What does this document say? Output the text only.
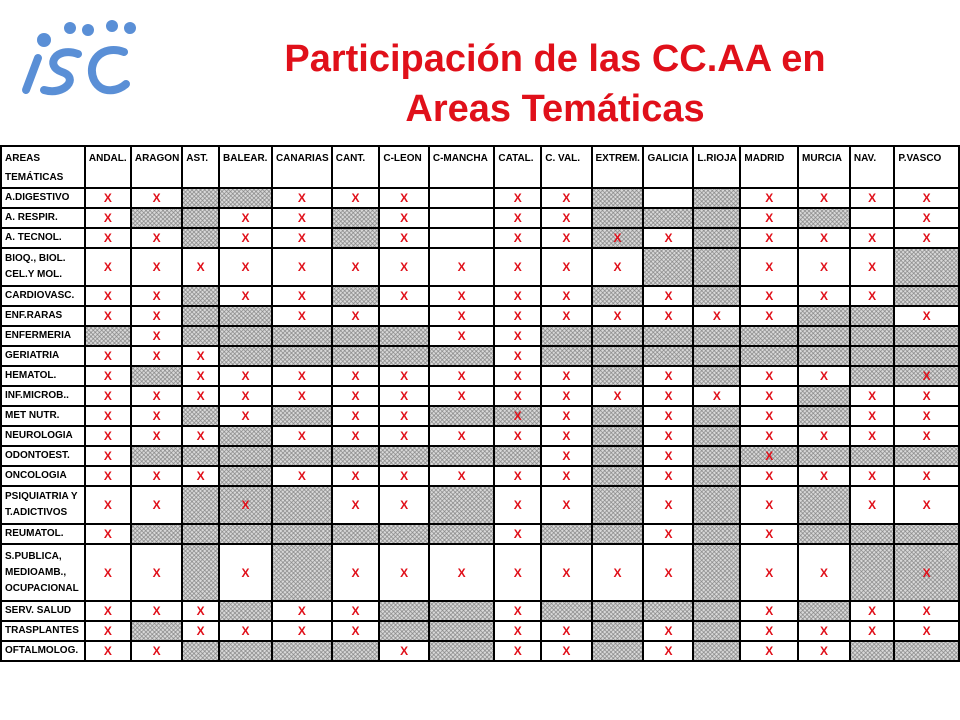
Participación de las CC.AA en
Areas Temáticas
AREAS
TEMÁTICAS	ANDAL.	ARAGON	AST.	BALEAR.	CANARIAS	CANT.	C-LEON	C-MANCHA	CATAL.	C. VAL.	EXTREM.	GALICIA	L.RIOJA	MADRID	MURCIA	NAV.	P.VASCO

A.DIGESTIVO	X	X			X	X	X		X	X				X	X	X	X

A. RESPIR.	X			X	X		X		X	X				X			X

A. TECNOL.	X	X		X	X		X		X	X	X	X		X	X	X	X

BIOQ., BIOL.
CEL.Y MOL.	X	X	X	X	X	X	X	X	X	X	X			X	X	X	

CARDIOVASC.	X	X		X	X		X	X	X	X		X		X	X	X	

ENF.RARAS	X	X			X	X		X	X	X	X	X	X	X			X

ENFERMERIA		X						X	X								

GERIATRIA	X	X	X						X								

HEMATOL.	X		X	X	X	X	X	X	X	X		X		X	X		X

INF.MICROB..	X	X	X	X	X	X	X	X	X	X	X	X	X	X		X	X

MET NUTR.	X	X		X		X	X		X	X		X		X		X	X

NEUROLOGIA	X	X	X		X	X	X	X	X	X		X		X	X	X	X

ODONTOEST.	X									X		X		X			

ONCOLOGIA	X	X	X		X	X	X	X	X	X		X		X	X	X	X

PSIQUIATRIA Y
T.ADICTIVOS	X	X		X		X	X		X	X		X		X		X	X

REUMATOL.	X								X			X		X			

S.PUBLICA,
MEDIOAMB.,
OCUPACIONAL	X	X		X		X	X	X	X	X	X	X		X	X		X

SERV. SALUD	X	X	X		X	X			X					X		X	X

TRASPLANTES	X		X	X	X	X			X	X		X		X	X	X	X

OFTALMOLOG.	X	X					X		X	X		X		X	X		
